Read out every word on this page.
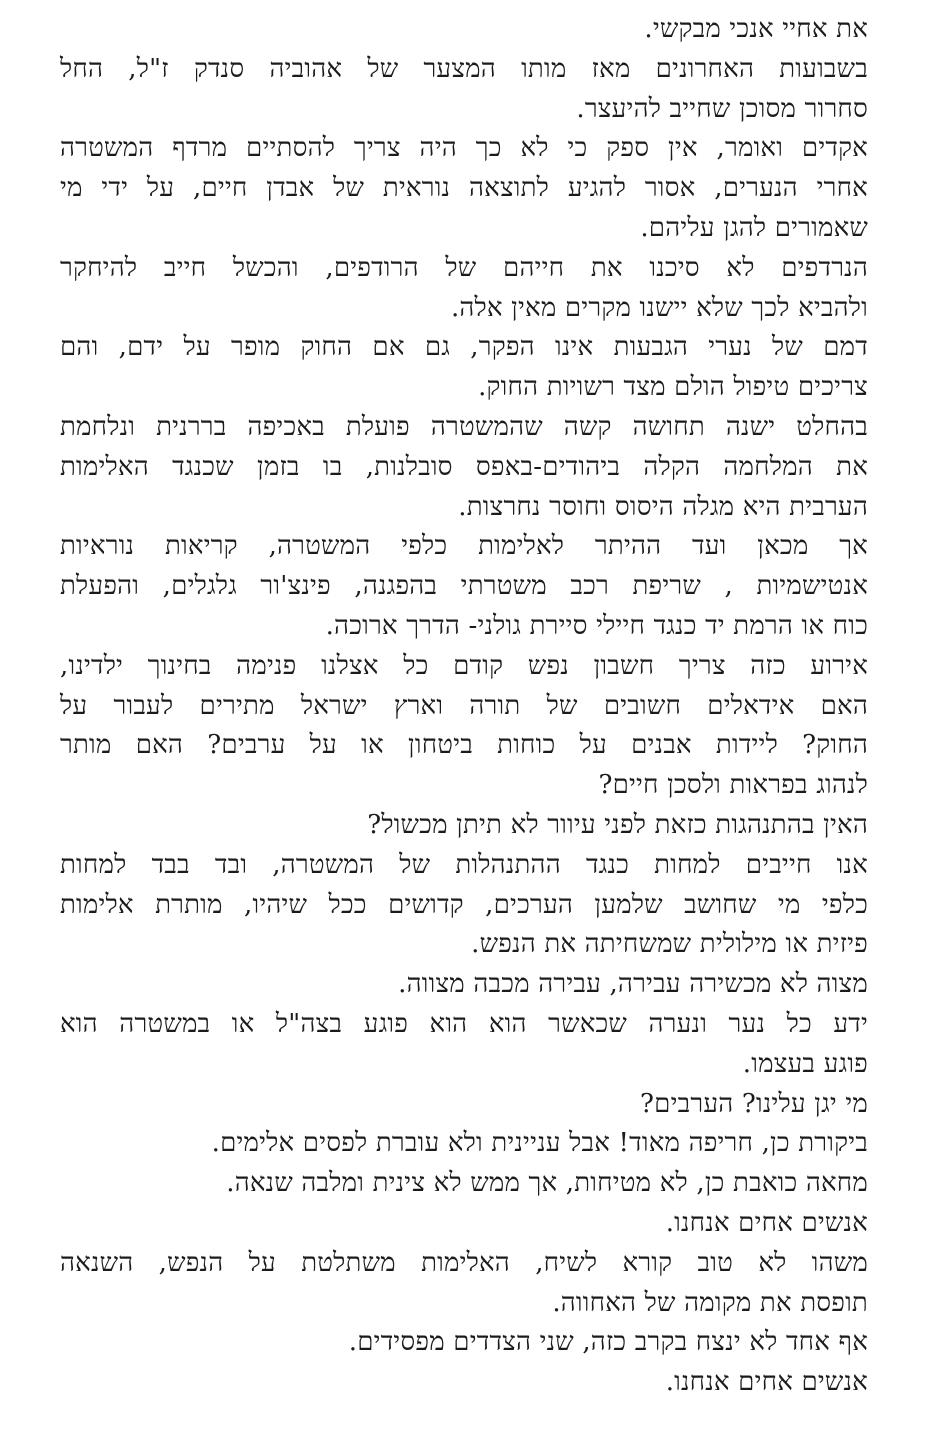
את אחיי אנכי מבקשי.
בשבועות האחרונים מאז מותו המצער של אהוביה סנדק ז"ל, החל
סחרור מסוכן שחייב להיעצר.
אקדים ואומר, אין ספק כי לא כך היה צריך להסתיים מרדף המשטרה
אחרי הנערים, אסור להגיע לתוצאה נוראית של אבדן חיים, על ידי מי
שאמורים להגן עליהם.
הנרדפים לא סיכנו את חייהם של הרודפים, והכשל חייב להיחקר
ולהביא לכך שלא יישנו מקרים מאין אלה.
דמם של נערי הגבעות אינו הפקר, גם אם החוק מופר על ידם, והם
צריכים טיפול הולם מצד רשויות החוק.
בהחלט ישנה תחושה קשה שהמשטרה פועלת באכיפה בררנית ונלחמת
את המלחמה הקלה ביהודים-באפס סובלנות, בו בזמן שכנגד האלימות
הערבית היא מגלה היסוס וחוסר נחרצות.
אך מכאן ועד ההיתר לאלימות כלפי המשטרה, קריאות נוראיות
אנטישמיות , שריפת רכב משטרתי בהפגנה, פינצ'ור גלגלים, והפעלת
כוח או הרמת יד כנגד חיילי סיירת גולני- הדרך ארוכה.
אירוע כזה צריך חשבון נפש קודם כל אצלנו פנימה בחינוך ילדינו,
האם אידאלים חשובים של תורה וארץ ישראל מתירים לעבור על
החוק? ליידות אבנים על כוחות ביטחון או על ערבים? האם מותר
לנהוג בפראות ולסכן חיים?
האין בהתנהגות כזאת לפני עיוור לא תיתן מכשול?
אנו חייבים למחות כנגד ההתנהלות של המשטרה, ובד בבד למחות
כלפי מי שחושב שלמען הערכים, קדושים ככל שיהיו, מותרת אלימות
פיזית או מילולית שמשחיתה את הנפש.
מצוה לא מכשירה עבירה, עבירה מכבה מצווה.
ידע כל נער ונערה שכאשר הוא הוא פוגע בצה"ל או במשטרה הוא
פוגע בעצמו.
מי יגן עלינו? הערבים?
ביקורת כן, חריפה מאוד! אבל עניינית ולא עוברת לפסים אלימים.
מחאה כואבת כן, לא מטיחות, אך ממש לא צינית ומלבה שנאה.
אנשים אחים אנחנו.
משהו לא טוב קורא לשיח, האלימות משתלטת על הנפש, השנאה
תופסת את מקומה של האחווה.
אף אחד לא ינצח בקרב כזה, שני הצדדים מפסידים.
אנשים אחים אנחנו.
